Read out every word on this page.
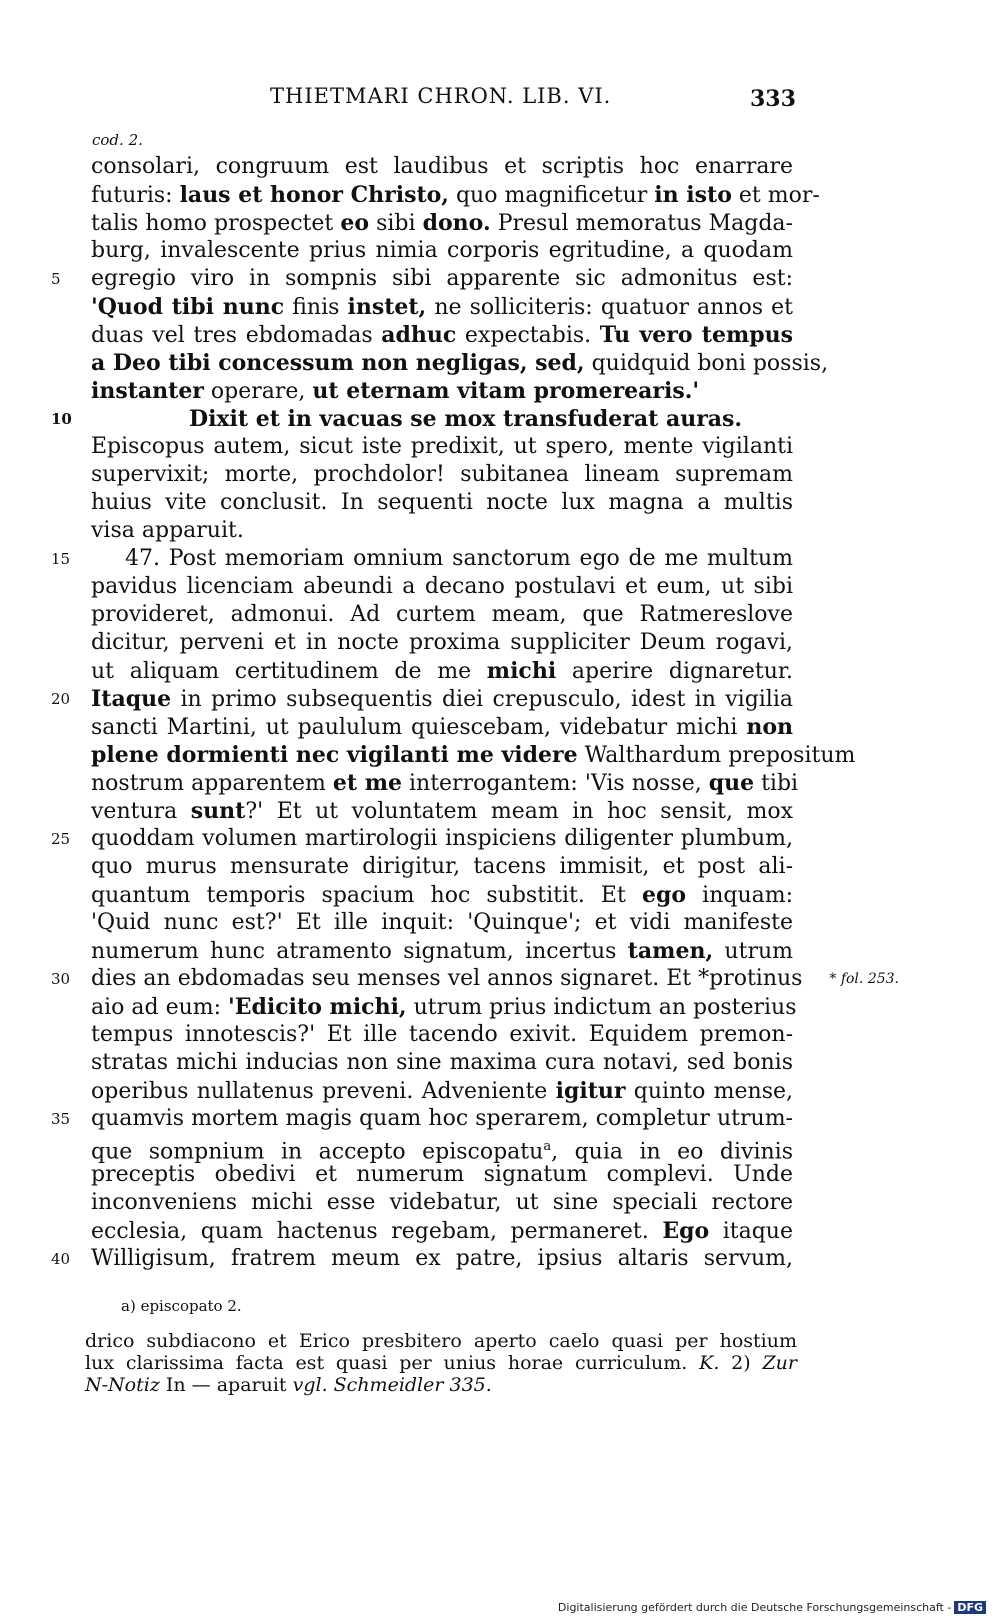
THIETMARI CHRON. LIB. VI.	333
cod. 2.
consolari, congruum est laudibus et scriptis hoc enarrare
futuris: laus et honor Christo, quo magnificetur in isto et mor-
talis homo prospectet eo sibi dono. Presul memoratus Magda-
burg, invalescente prius nimia corporis egritudine, a quodam
5	egregio viro in sompnis sibi apparente sic admonitus est:
'Quod tibi nunc finis instet, ne solliciteris: quatuor annos et
duas vel tres ebdomadas adhuc expectabis. Tu vero tempus
a Deo tibi concessum non negligas, sed, quidquid boni possis,
instanter operare, ut eternam vitam promerearis.'
10	Dixit et in vacuas se mox transfuderat auras.
Episcopus autem, sicut iste predixit, ut spero, mente vigilanti
supervixit; morte, prochdolor! subitanea lineam supremam
huius vite conclusit. In sequenti nocte lux magna a multis
visa apparuit.
15	47. Post memoriam omnium sanctorum ego de me multum
pavidus licenciam abeundi a decano postulavi et eum, ut sibi
provideret, admonui. Ad curtem meam, que Ratmereslove
dicitur, perveni et in nocte proxima suppliciter Deum rogavi,
ut aliquam certitudinem de me michi aperire dignaretur.
20 Itaque in primo subsequentis diei crepusculo, idest in vigilia
sancti Martini, ut paululum quiescebam, videbatur michi non
plene dormienti nec vigilanti me videre Walthardum prepositum
nostrum apparentem et me interrogantem: 'Vis nosse, que tibi
ventura sunt?' Et ut voluntatem meam in hoc sensit, mox
25 quoddam volumen martirologii inspiciens diligenter plumbum,
quo murus mensurate dirigitur, tacens immisit, et post ali-
quantum temporis spacium hoc substitit. Et ego inquam:
'Quid nunc est?' Et ille inquit: 'Quinque'; et vidi manifeste
numerum hunc atramento signatum, incertus tamen, utrum
30 dies an ebdomadas seu menses vel annos signaret. Et *protinus * fol. 253.
aio ad eum: 'Edicito michi, utrum prius indictum an posterius
tempus innotescis?' Et ille tacendo exivit. Equidem premon-
stratas michi inducias non sine maxima cura notavi, sed bonis
operibus nullatenus preveni. Adveniente igitur quinto mense,
35 quamvis mortem magis quam hoc sperarem, completur utrum-
que sompnium in accepto episcopatu$^a$, quia in eo divinis
preceptis obedivi et numerum signatum complevi. Unde
inconveniens michi esse videbatur, ut sine speciali rectore
ecclesia, quam hactenus regebam, permaneret. Ego itaque
40 Willigisum, fratrem meum ex patre, ipsius altaris servum,
a) episcopato 2.
drico subdiacono et Erico presbitero aperto caelo quasi per hostium
lux clarissima facta est quasi per unius horae curriculum. K. 2) Zur
N-Notiz In — aparuit vgl. Schmeidler 335.
Digitalisierung gefördert durch die Deutsche Forschungsgemeinschaft - DFG
